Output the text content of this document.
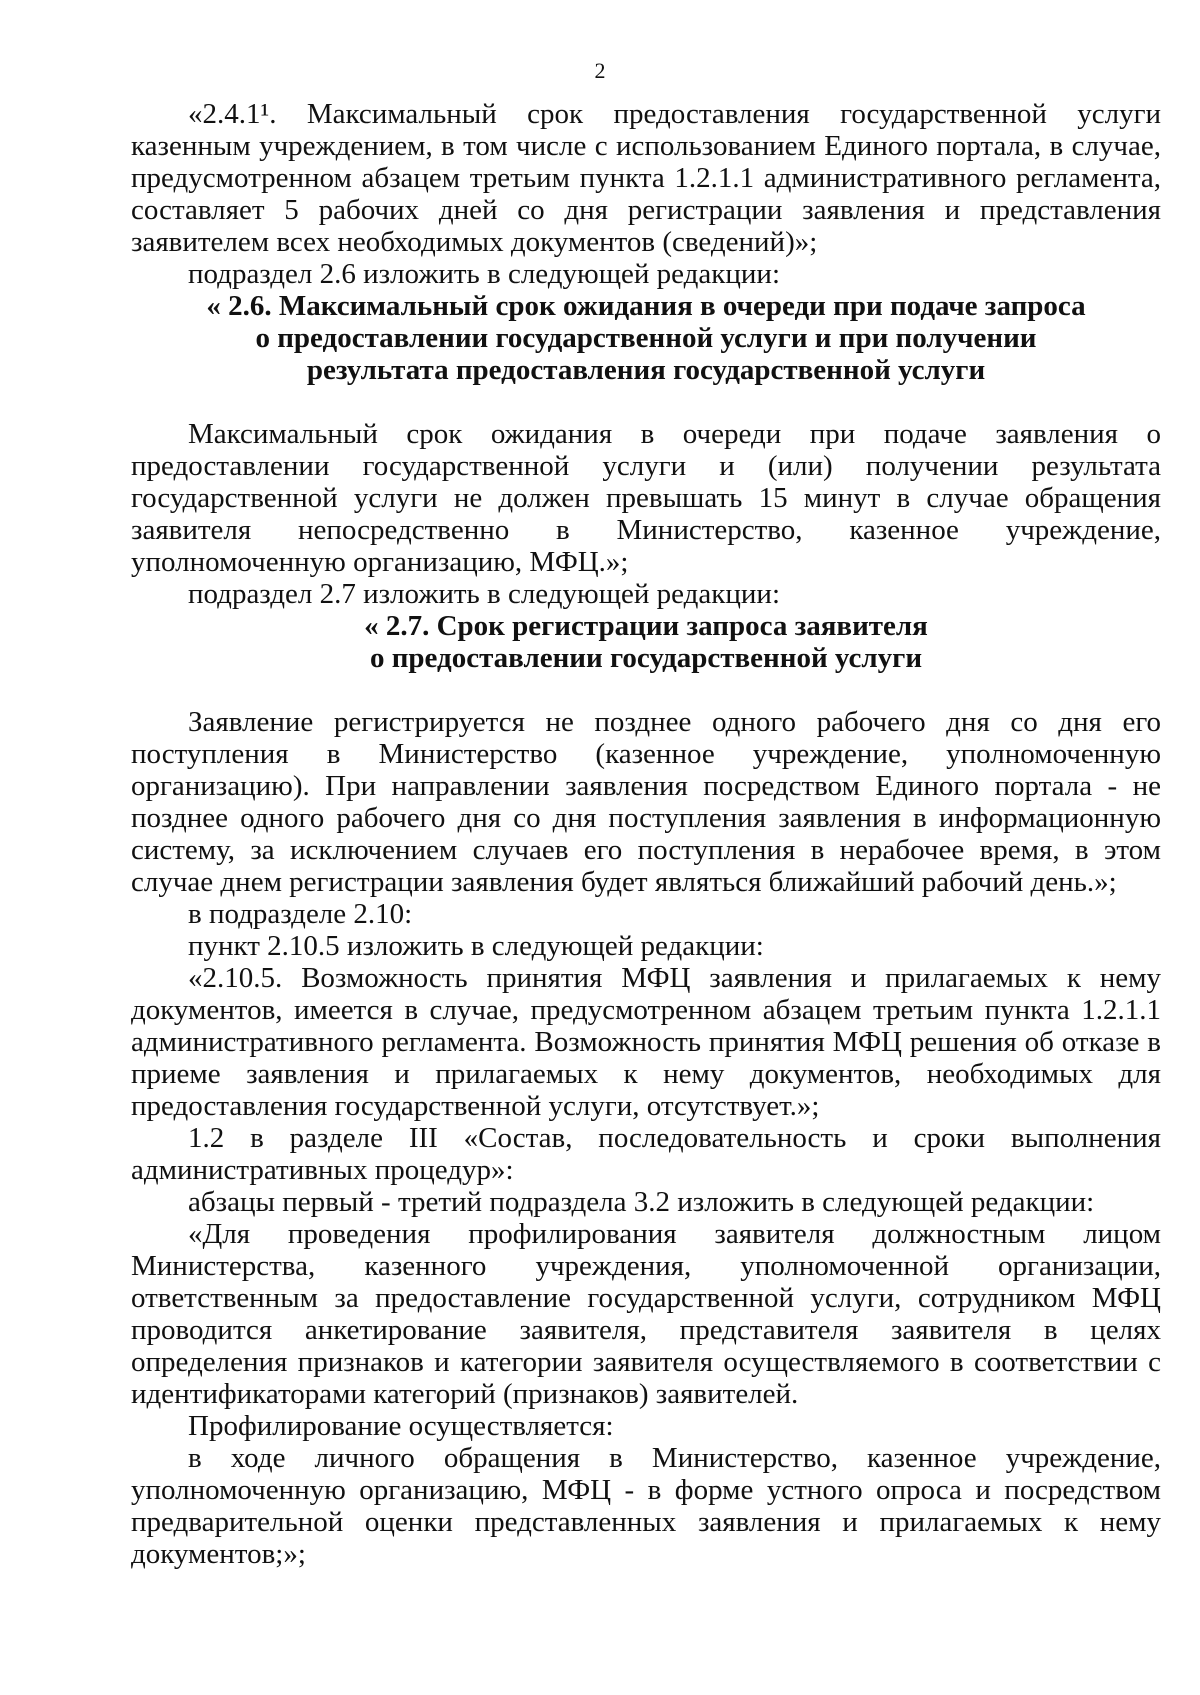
2

«2.4.1¹. Максимальный срок предоставления государственной услуги казенным учреждением, в том числе с использованием Единого портала, в случае, предусмотренном абзацем третьим пункта 1.2.1.1 административного регламента, составляет 5 рабочих дней со дня регистрации заявления и представления заявителем всех необходимых документов (сведений)»;

подраздел 2.6 изложить в следующей редакции:

« 2.6. Максимальный срок ожидания в очереди при подаче запроса

о предоставлении государственной услуги и при получении

результата предоставления государственной услуги

Максимальный срок ожидания в очереди при подаче заявления о предоставлении государственной услуги и (или) получении результата государственной услуги не должен превышать 15 минут в случае обращения заявителя непосредственно в Министерство, казенное учреждение, уполномоченную организацию, МФЦ.»;

подраздел 2.7 изложить в следующей редакции:

« 2.7. Срок регистрации запроса заявителя

о предоставлении государственной услуги

Заявление регистрируется не позднее одного рабочего дня со дня его поступления в Министерство (казенное учреждение, уполномоченную организацию). При направлении заявления посредством Единого портала - не позднее одного рабочего дня со дня поступления заявления в информационную систему, за исключением случаев его поступления в нерабочее время, в этом случае днем регистрации заявления будет являться ближайший рабочий день.»;

в подразделе 2.10:

пункт 2.10.5 изложить в следующей редакции:

«2.10.5. Возможность принятия МФЦ заявления и прилагаемых к нему документов, имеется в случае, предусмотренном абзацем третьим пункта 1.2.1.1 административного регламента. Возможность принятия МФЦ решения об отказе в приеме заявления и прилагаемых к нему документов, необходимых для предоставления государственной услуги, отсутствует.»;

1.2 в разделе III «Состав, последовательность и сроки выполнения административных процедур»:

абзацы первый - третий подраздела 3.2 изложить в следующей редакции:

«Для проведения профилирования заявителя должностным лицом Министерства, казенного учреждения, уполномоченной организации, ответственным за предоставление государственной услуги, сотрудником МФЦ проводится анкетирование заявителя, представителя заявителя в целях определения признаков и категории заявителя осуществляемого в соответствии с идентификаторами категорий (признаков) заявителей.

Профилирование осуществляется:

в ходе личного обращения в Министерство, казенное учреждение, уполномоченную организацию, МФЦ - в форме устного опроса и посредством предварительной оценки представленных заявления и прилагаемых к нему документов;»;
